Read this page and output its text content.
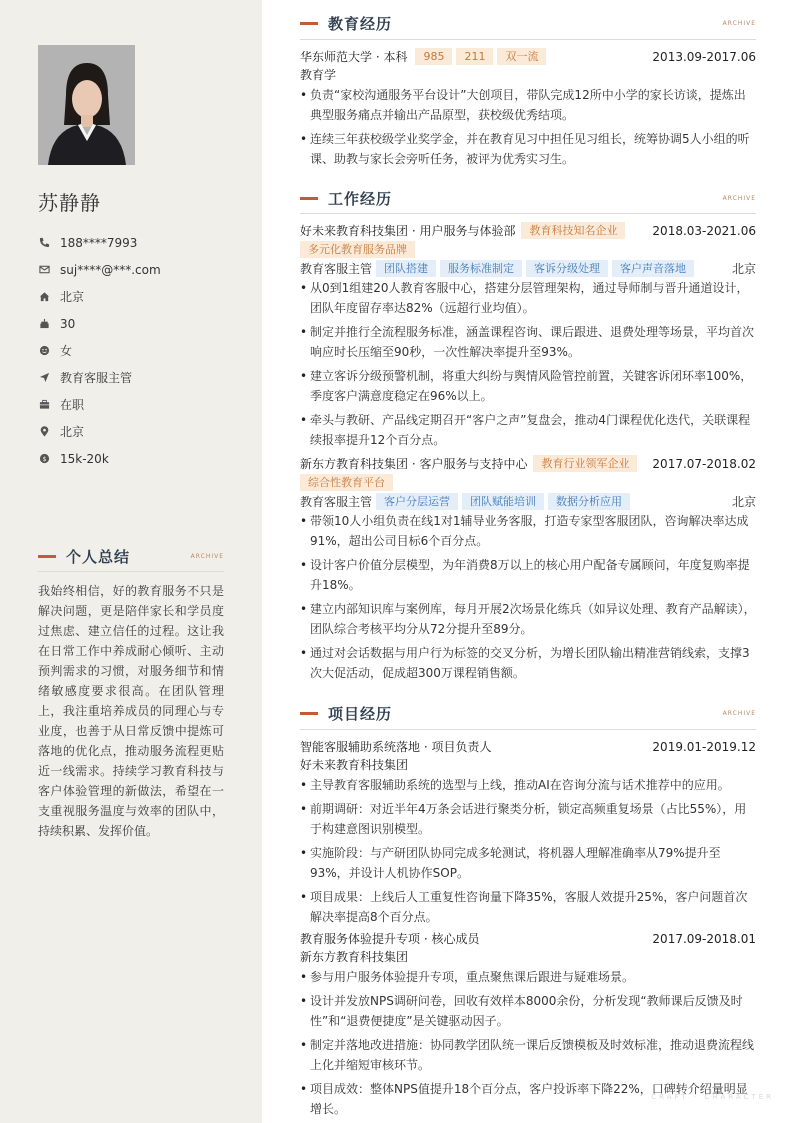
苏静静
188****7993
suj****@***.com
北京
30
女
教育客服主管
在职
北京
$ 15k-20k
个人总结	ARCHIVE
我始终相信，好的教育服务不只是解决问题，更是陪伴家长和学员度过焦虑、建立信任的过程。这让我在日常工作中养成耐心倾听、主动预判需求的习惯，对服务细节和情绪敏感度要求很高。在团队管理上，我注重培养成员的同理心与专业度，也善于从日常反馈中提炼可落地的优化点，推动服务流程更贴近一线需求。持续学习教育科技与客户体验管理的新做法，希望在一支重视服务温度与效率的团队中，持续积累、发挥价值。
教育经历	ARCHIVE
华东师范大学 · 本科	985	211	双一流	2013.09-2017.06
教育学
• 负责“家校沟通服务平台设计”大创项目，带队完成12所中小学的家长访谈，提炼出典型服务痛点并输出产品原型，获校级优秀结项。
• 连续三年获校级学业奖学金，并在教育见习中担任见习组长，统筹协调5人小组的听课、助教与家长会旁听任务，被评为优秀实习生。
工作经历	ARCHIVE
好未来教育科技集团 · 用户服务与体验部	教育科技知名企业	2018.03-2021.06
多元化教育服务品牌
教育客服主管	团队搭建	服务标准制定	客诉分级处理	客户声音落地	北京
• 从0到1组建20人教育客服中心，搭建分层管理架构，通过导师制与晋升通道设计，团队年度留存率达82%（远超行业均值）。
• 制定并推行全流程服务标准，涵盖课程咨询、课后跟进、退费处理等场景，平均首次响应时长压缩至90秒，一次性解决率提升至93%。
• 建立客诉分级预警机制，将重大纠纷与舆情风险管控前置，关键客诉闭环率100%，季度客户满意度稳定在96%以上。
• 牵头与教研、产品线定期召开“客户之声”复盘会，推动4门课程优化迭代，关联课程续报率提升12个百分点。
新东方教育科技集团 · 客户服务与支持中心	教育行业领军企业	2017.07-2018.02
综合性教育平台
教育客服主管	客户分层运营	团队赋能培训	数据分析应用	北京
• 带领10人小组负责在线1对1辅导业务客服，打造专家型客服团队，咨询解决率达成91%，超出公司目标6个百分点。
• 设计客户价值分层模型，为年消费8万以上的核心用户配备专属顾问，年度复购率提升18%。
• 建立内部知识库与案例库，每月开展2次场景化练兵（如异议处理、教育产品解读），团队综合考核平均分从72分提升至89分。
• 通过对会话数据与用户行为标签的交叉分析，为增长团队输出精准营销线索，支撑3次大促活动，促成超300万课程销售额。
项目经历	ARCHIVE
智能客服辅助系统落地 · 项目负责人	2019.01-2019.12
好未来教育科技集团
• 主导教育客服辅助系统的选型与上线，推动AI在咨询分流与话术推荐中的应用。
• 前期调研：对近半年4万条会话进行聚类分析，锁定高频重复场景（占比55%），用于构建意图识别模型。
• 实施阶段：与产研团队协同完成多轮测试，将机器人理解准确率从79%提升至93%，并设计人机协作SOP。
• 项目成果：上线后人工重复性咨询量下降35%，客服人效提升25%，客户问题首次解决率提高8个百分点。
教育服务体验提升专项 · 核心成员	2017.09-2018.01
新东方教育科技集团
• 参与用户服务体验提升专项，重点聚焦课后跟进与疑难场景。
• 设计并发放NPS调研问卷，回收有效样本8000余份，分析发现“教师课后反馈及时性”和“退费便捷度”是关键驱动因子。
• 制定并落地改进措施：协同教学团队统一课后反馈模板及时效标准，推动退费流程线上化并缩短审核环节。
• 项目成效：整体NPS值提升18个百分点，客户投诉率下降22%，口碑转介绍量明显增长。
CRAFT · CHARACTER
